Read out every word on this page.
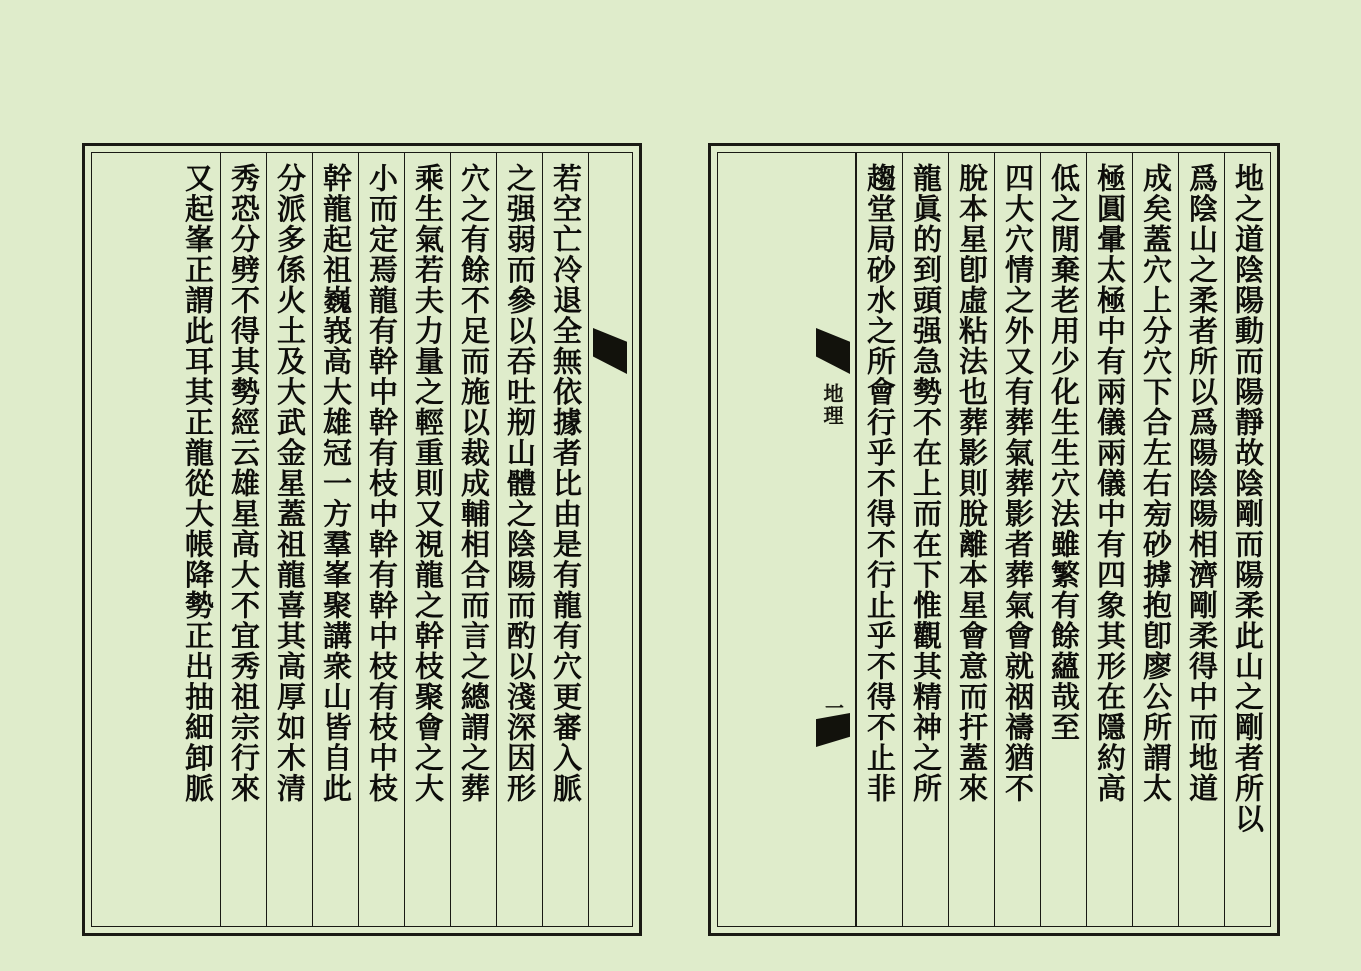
地之道陰陽動而陽靜故陰剛而陽柔此山之剛者所以
爲陰山之柔者所以爲陽陰陽相濟剛柔得中而地道
成矣蓋穴上分穴下合左右㫄砂摢抱卽廖公所謂太
極圓暈太極中有兩儀兩儀中有四象其形在隱約高
低之閒棄老用少化生生穴法雖繁有餘蘊哉至
四大穴情之外又有葬氣葬影者葬氣會就䄄禱猶不
脫本星卽虛粘法也葬影則脫離本星會意而扞蓋來
龍眞的到頭强急勢不在上而在下惟觀其精神之所
趨堂局砂水之所會行乎不得不行止乎不得不止非
地理
一
若空亡冷退全無依據者比由是有龍有穴更審入脈
之强弱而參以吞吐剏山體之陰陽而酌以淺深因形
穴之有餘不足而施以裁成輔相合而言之總謂之葬
乘生氣若夫力量之輕重則又視龍之幹枝聚會之大
小而定焉龍有幹中幹有枝中幹有幹中枝有枝中枝
幹龍起祖巍峩高大雄冠一方羣峯聚講衆山皆自此
分派多係火土及大武金星蓋祖龍喜其高厚如木清
秀恐分劈不得其勢經云雄星高大不宜秀祖宗行來
又起峯正謂此耳其正龍從大帳降勢正出抽細卸脈
